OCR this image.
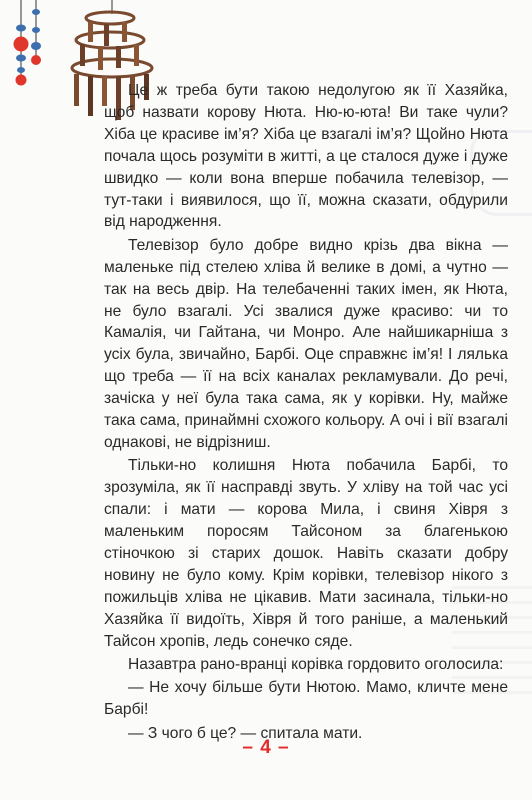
Це ж треба бути такою недолугою як її Хазяйка, щоб назвати корову Нюта. Ню-ю-юта! Ви таке чули? Хіба це красиве ім’я? Хіба це взагалі ім’я? Щойно Нюта почала щось розуміти в житті, а це сталося дуже і дуже швидко — коли вона вперше побачила телевізор, — тут-таки і виявилося, що її, можна сказати, обдурили від народження.

Телевізор було добре видно крізь два вікна — маленьке під стелею хліва й велике в домі, а чутно — так на весь двір. На телебаченні таких імен, як Нюта, не було взагалі. Усі звалися дуже красиво: чи то Камалія, чи Гайтана, чи Монро. Але найшикарніша з усіх була, звичайно, Барбі. Оце справжнє ім’я! І лялька що треба — її на всіх каналах рекламували. До речі, зачіска у неї була така сама, як у корівки. Ну, майже така сама, принаймні схожого кольору. А очі і вії взагалі однакові, не відрізниш.

Тільки-но колишня Нюта побачила Барбі, то зрозуміла, як її насправді звуть. У хліву на той час усі спали: і мати — корова Мила, і свиня Хівря з маленьким поросям Тайсоном за благенькою стіночкою зі старих дошок. Навіть сказати добру новину не було кому. Крім корівки, телевізор нікого з пожильців хліва не цікавив. Мати засинала, тільки-но Хазяйка її видоїть, Хівря й того раніше, а маленький Тайсон хропів, ледь сонечко сяде.

Назавтра рано-вранці корівка гордовито оголосила:

— Не хочу більше бути Нютою. Мамо, кличте мене Барбі!

— З чого б це? — спитала мати.

– 4 –
